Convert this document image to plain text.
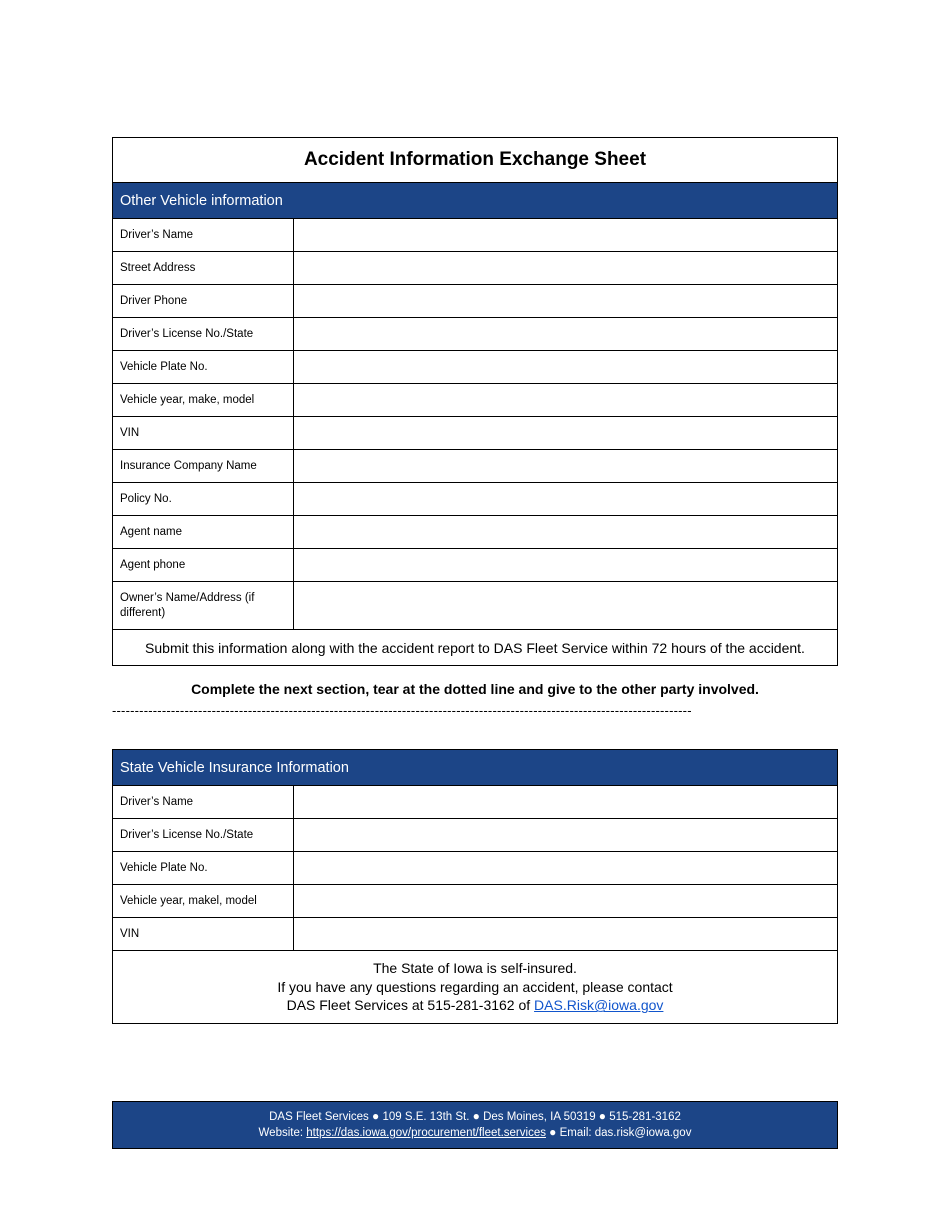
Accident Information Exchange Sheet
Other Vehicle information
Driver’s Name
Street Address
Driver Phone
Driver’s License No./State
Vehicle Plate No.
Vehicle year, make, model
VIN
Insurance Company Name
Policy No.
Agent name
Agent phone
Owner’s Name/Address (if different)
Submit this information along with the accident report to DAS Fleet Service within 72 hours of the accident.
Complete the next section, tear at the dotted line and give to the other party involved.
--------------------------------------------------------------------------------------------------------------------------------
State Vehicle Insurance Information
Driver’s Name
Driver’s License No./State
Vehicle Plate No.
Vehicle year, makel, model
VIN
The State of Iowa is self-insured.
If you have any questions regarding an accident, please contact
DAS Fleet Services at 515-281-3162 of DAS.Risk@iowa.gov
DAS Fleet Services ● 109 S.E. 13th St. ● Des Moines, IA 50319 ● 515-281-3162
Website: https://das.iowa.gov/procurement/fleet.services ● Email: das.risk@iowa.gov
